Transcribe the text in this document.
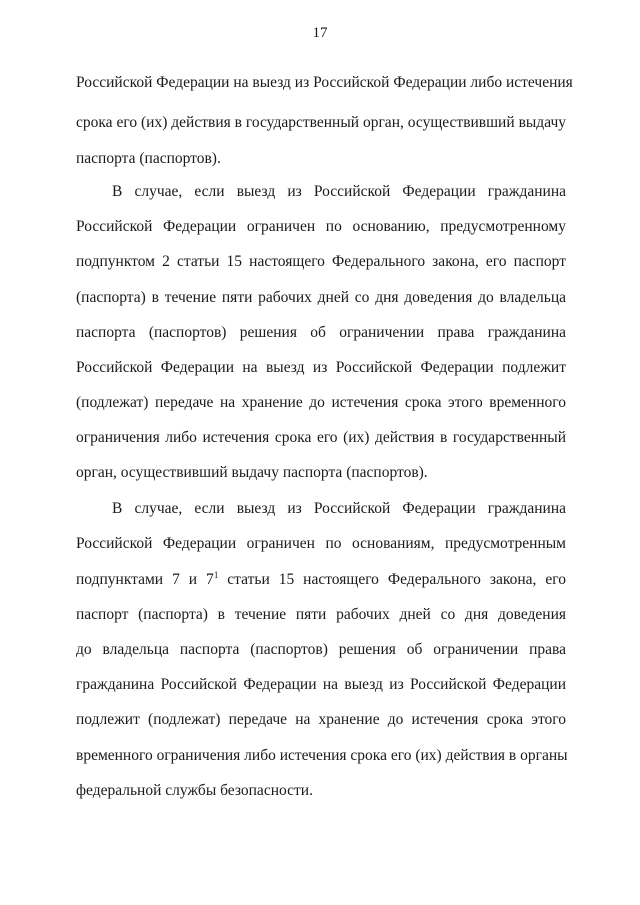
17
Российской Федерации на выезд из Российской Федерации либо истечения
срока его (их) действия в государственный орган, осуществивший выдачу
паспорта (паспортов).
В случае, если выезд из Российской Федерации гражданина
Российской Федерации ограничен по основанию, предусмотренному
подпунктом 2 статьи 15 настоящего Федерального закона, его паспорт
(паспорта) в течение пяти рабочих дней со дня доведения до владельца
паспорта (паспортов) решения об ограничении права гражданина
Российской Федерации на выезд из Российской Федерации подлежит
(подлежат) передаче на хранение до истечения срока этого временного
ограничения либо истечения срока его (их) действия в государственный
орган, осуществивший выдачу паспорта (паспортов).
В случае, если выезд из Российской Федерации гражданина
Российской Федерации ограничен по основаниям, предусмотренным
подпунктами 7 и $7^1$ статьи 15 настоящего Федерального закона, его
паспорт (паспорта) в течение пяти рабочих дней со дня доведения
до владельца паспорта (паспортов) решения об ограничении права
гражданина Российской Федерации на выезд из Российской Федерации
подлежит (подлежат) передаче на хранение до истечения срока этого
временного ограничения либо истечения срока его (их) действия в органы
федеральной службы безопасности.
